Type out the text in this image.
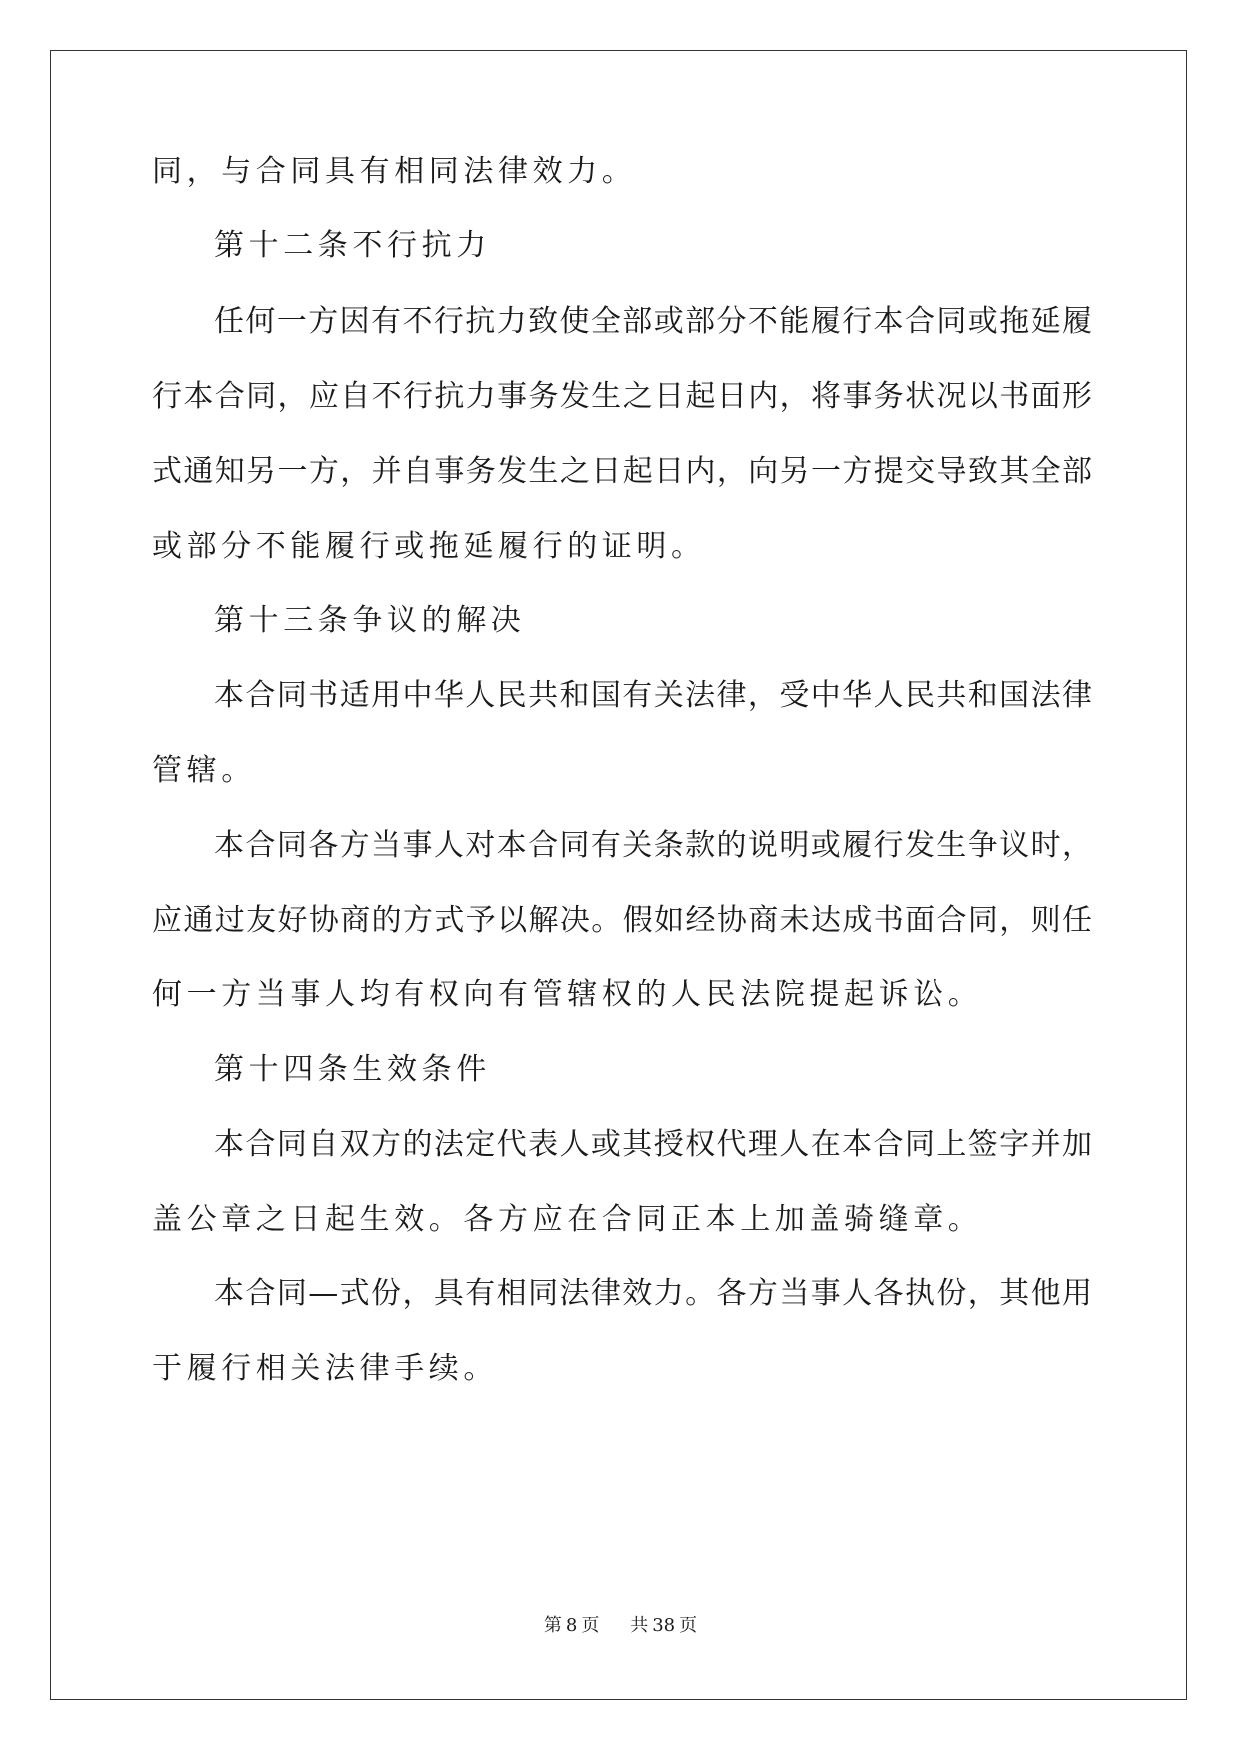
同，与合同具有相同法律效力。
第十二条不行抗力
任何一方因有不行抗力致使全部或部分不能履行本合同或拖延履
行本合同，应自不行抗力事务发生之日起日内，将事务状况以书面形
式通知另一方，并自事务发生之日起日内，向另一方提交导致其全部
或部分不能履行或拖延履行的证明。
第十三条争议的解决
本合同书适用中华人民共和国有关法律，受中华人民共和国法律
管辖。
本合同各方当事人对本合同有关条款的说明或履行发生争议时，
应通过友好协商的方式予以解决。假如经协商未达成书面合同，则任
何一方当事人均有权向有管辖权的人民法院提起诉讼。
第十四条生效条件
本合同自双方的法定代表人或其授权代理人在本合同上签字并加
盖公章之日起生效。各方应在合同正本上加盖骑缝章。
本合同—式份，具有相同法律效力。各方当事人各执份，其他用
于履行相关法律手续。
第 8 页 共 38 页
